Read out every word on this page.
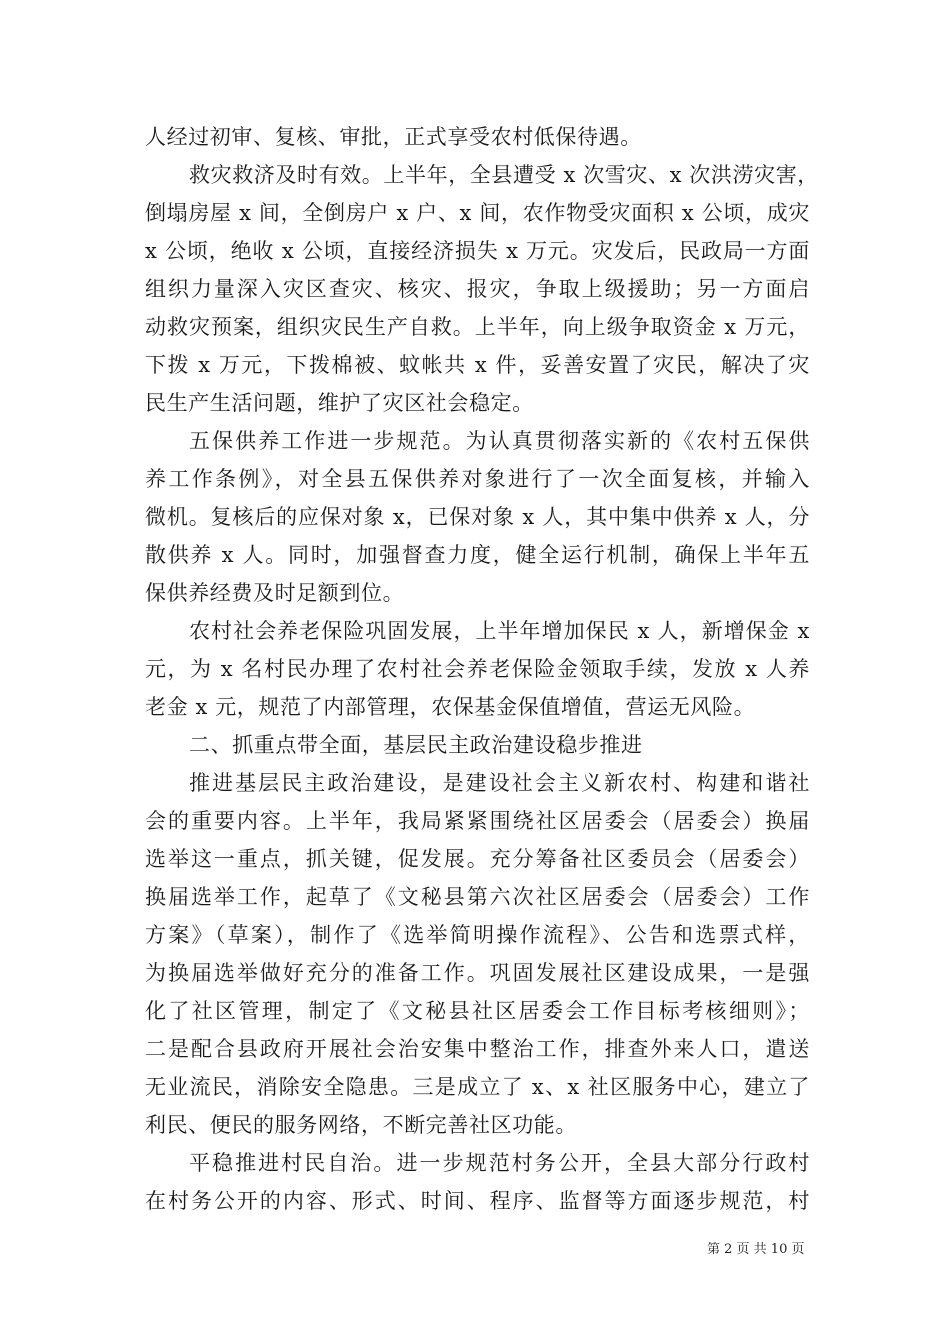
人经过初审、复核、审批，正式享受农村低保待遇。
救灾救济及时有效。上半年，全县遭受 x 次雪灾、x 次洪涝灾害，
倒塌房屋 x 间，全倒房户 x 户、x 间，农作物受灾面积 x 公顷，成灾
x 公顷，绝收 x 公顷，直接经济损失 x 万元。灾发后，民政局一方面
组织力量深入灾区查灾、核灾、报灾，争取上级援助；另一方面启
动救灾预案，组织灾民生产自救。上半年，向上级争取资金 x 万元，
下拨 x 万元，下拨棉被、蚊帐共 x 件，妥善安置了灾民，解决了灾
民生产生活问题，维护了灾区社会稳定。
五保供养工作进一步规范。为认真贯彻落实新的《农村五保供
养工作条例》，对全县五保供养对象进行了一次全面复核，并输入
微机。复核后的应保对象 x，已保对象 x 人，其中集中供养 x 人，分
散供养 x 人。同时，加强督查力度，健全运行机制，确保上半年五
保供养经费及时足额到位。
农村社会养老保险巩固发展，上半年增加保民 x 人，新增保金 x
元，为 x 名村民办理了农村社会养老保险金领取手续，发放 x 人养
老金 x 元，规范了内部管理，农保基金保值增值，营运无风险。
二、抓重点带全面，基层民主政治建设稳步推进
推进基层民主政治建设，是建设社会主义新农村、构建和谐社
会的重要内容。上半年，我局紧紧围绕社区居委会（居委会）换届
选举这一重点，抓关键，促发展。充分筹备社区委员会（居委会）
换届选举工作，起草了《文秘县第六次社区居委会（居委会）工作
方案》（草案），制作了《选举简明操作流程》、公告和选票式样，
为换届选举做好充分的准备工作。巩固发展社区建设成果，一是强
化了社区管理，制定了《文秘县社区居委会工作目标考核细则》；
二是配合县政府开展社会治安集中整治工作，排查外来人口，遣送
无业流民，消除安全隐患。三是成立了 x、x 社区服务中心，建立了
利民、便民的服务网络，不断完善社区功能。
平稳推进村民自治。进一步规范村务公开，全县大部分行政村
在村务公开的内容、形式、时间、程序、监督等方面逐步规范，村
第 2 页 共 10 页
